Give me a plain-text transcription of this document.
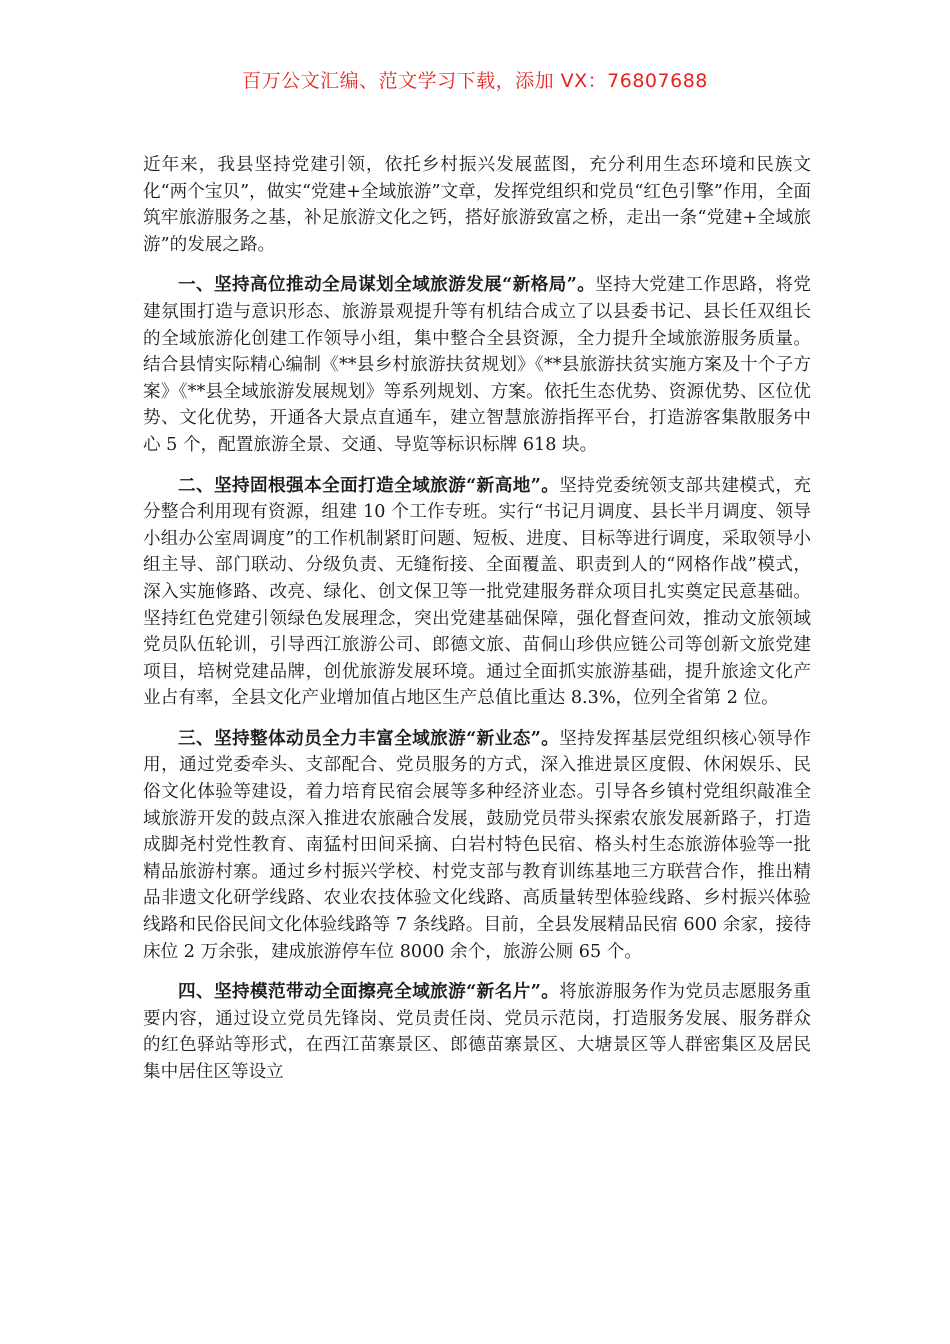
百万公文汇编、范文学习下载，添加 VX：76807688

近年来，我县坚持党建引领，依托乡村振兴发展蓝图，充分利用生态环境和民族文化“两个宝贝”，做实“党建+全域旅游”文章，发挥党组织和党员“红色引擎”作用，全面筑牢旅游服务之基，补足旅游文化之钙，搭好旅游致富之桥，走出一条“党建+全域旅游”的发展之路。

一、坚持高位推动全局谋划全域旅游发展“新格局”。坚持大党建工作思路，将党建氛围打造与意识形态、旅游景观提升等有机结合成立了以县委书记、县长任双组长的全域旅游化创建工作领导小组，集中整合全县资源，全力提升全域旅游服务质量。结合县情实际精心编制《**县乡村旅游扶贫规划》《**县旅游扶贫实施方案及十个子方案》《**县全域旅游发展规划》等系列规划、方案。依托生态优势、资源优势、区位优势、文化优势，开通各大景点直通车，建立智慧旅游指挥平台，打造游客集散服务中心 5 个，配置旅游全景、交通、导览等标识标牌 618 块。

二、坚持固根强本全面打造全域旅游“新高地”。坚持党委统领支部共建模式，充分整合利用现有资源，组建 10 个工作专班。实行“书记月调度、县长半月调度、领导小组办公室周调度”的工作机制紧盯问题、短板、进度、目标等进行调度，采取领导小组主导、部门联动、分级负责、无缝衔接、全面覆盖、职责到人的“网格作战”模式，深入实施修路、改亮、绿化、创文保卫等一批党建服务群众项目扎实奠定民意基础。坚持红色党建引领绿色发展理念，突出党建基础保障，强化督查问效，推动文旅领域党员队伍轮训，引导西江旅游公司、郎德文旅、苗侗山珍供应链公司等创新文旅党建项目，培树党建品牌，创优旅游发展环境。通过全面抓实旅游基础，提升旅途文化产业占有率，全县文化产业增加值占地区生产总值比重达 8.3%，位列全省第 2 位。

三、坚持整体动员全力丰富全域旅游“新业态”。坚持发挥基层党组织核心领导作用，通过党委牵头、支部配合、党员服务的方式，深入推进景区度假、休闲娱乐、民俗文化体验等建设，着力培育民宿会展等多种经济业态。引导各乡镇村党组织敲准全域旅游开发的鼓点深入推进农旅融合发展，鼓励党员带头探索农旅发展新路子，打造成脚尧村党性教育、南猛村田间采摘、白岩村特色民宿、格头村生态旅游体验等一批精品旅游村寨。通过乡村振兴学校、村党支部与教育训练基地三方联营合作，推出精品非遗文化研学线路、农业农技体验文化线路、高质量转型体验线路、乡村振兴体验线路和民俗民间文化体验线路等 7 条线路。目前，全县发展精品民宿 600 余家，接待床位 2 万余张，建成旅游停车位 8000 余个，旅游公厕 65 个。

四、坚持模范带动全面擦亮全域旅游“新名片”。将旅游服务作为党员志愿服务重要内容，通过设立党员先锋岗、党员责任岗、党员示范岗，打造服务发展、服务群众的红色驿站等形式，在西江苗寨景区、郎德苗寨景区、大塘景区等人群密集区及居民集中居住区等设立
